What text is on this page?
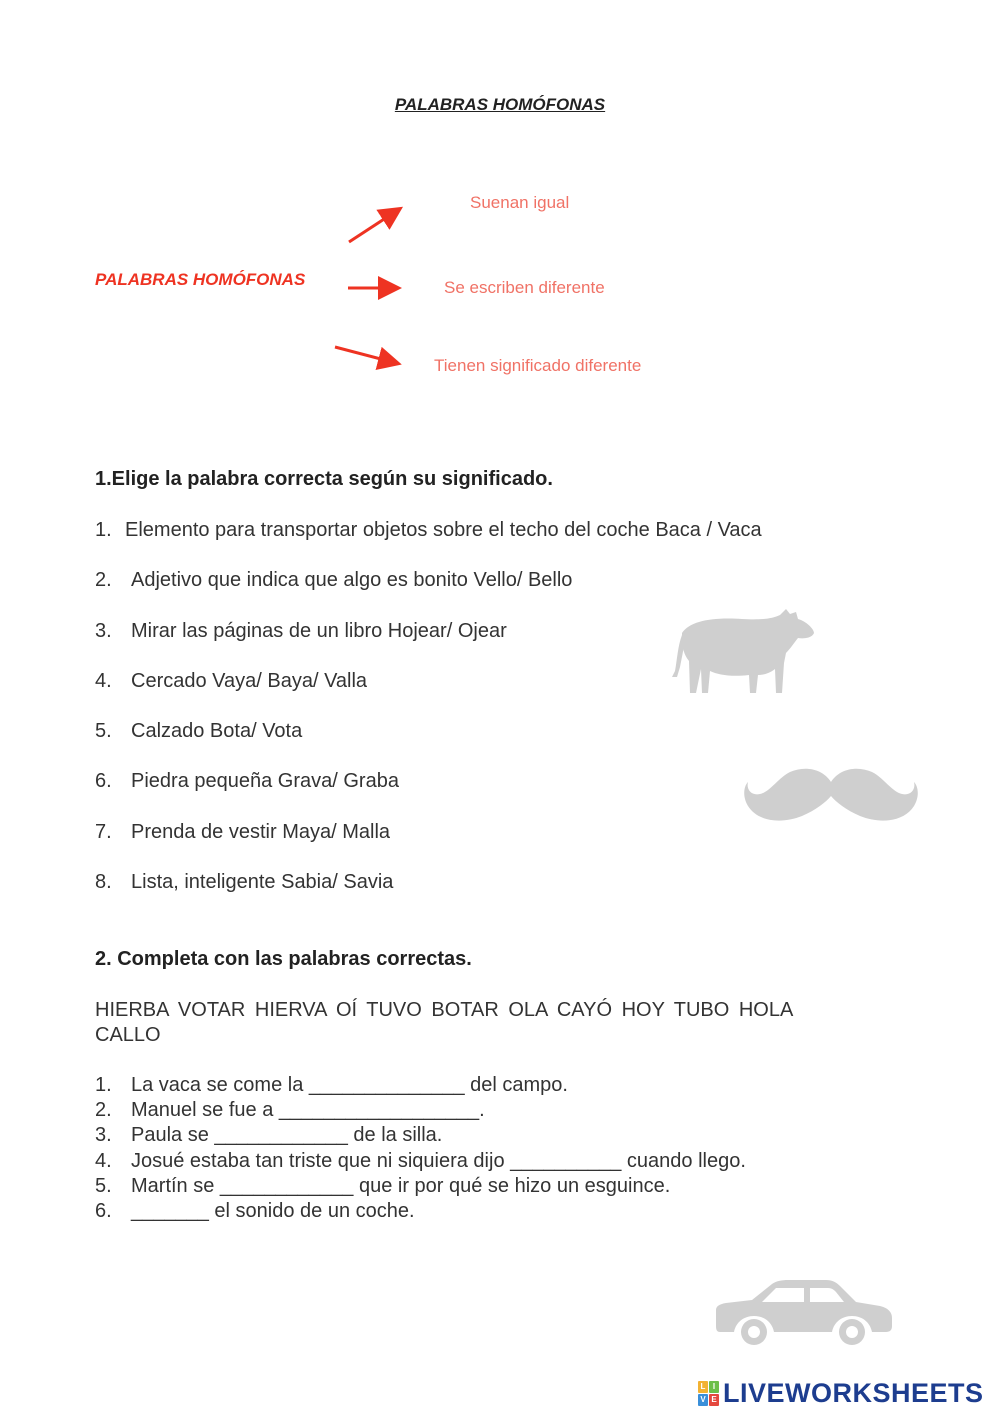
PALABRAS HOMÓFONAS
PALABRAS HOMÓFONAS
Suenan igual
Se escriben diferente
Tienen significado diferente
1.Elige la palabra correcta según su significado.
1. Elemento para transportar objetos sobre el techo del coche Baca / Vaca
2. Adjetivo que indica que algo es bonito Vello/ Bello
3. Mirar las páginas de un libro Hojear/ Ojear
4. Cercado Vaya/ Baya/ Valla
5. Calzado Bota/ Vota
6. Piedra pequeña Grava/ Graba
7. Prenda de vestir Maya/ Malla
8. Lista, inteligente Sabia/ Savia
2. Completa con las palabras correctas.
HIERBA VOTAR HIERVA OÍ TUVO BOTAR OLA CAYÓ HOY TUBO HOLA CALLO
1. La vaca se come la ______________ del campo.
2. Manuel se fue a __________________.
3. Paula se ____________ de la silla.
4. Josué estaba tan triste que ni siquiera dijo __________ cuando llego.
5. Martín se ____________ que ir por qué se hizo un esguince.
6. _______ el sonido de un coche.
L I
V E LIVEWORKSHEETS
